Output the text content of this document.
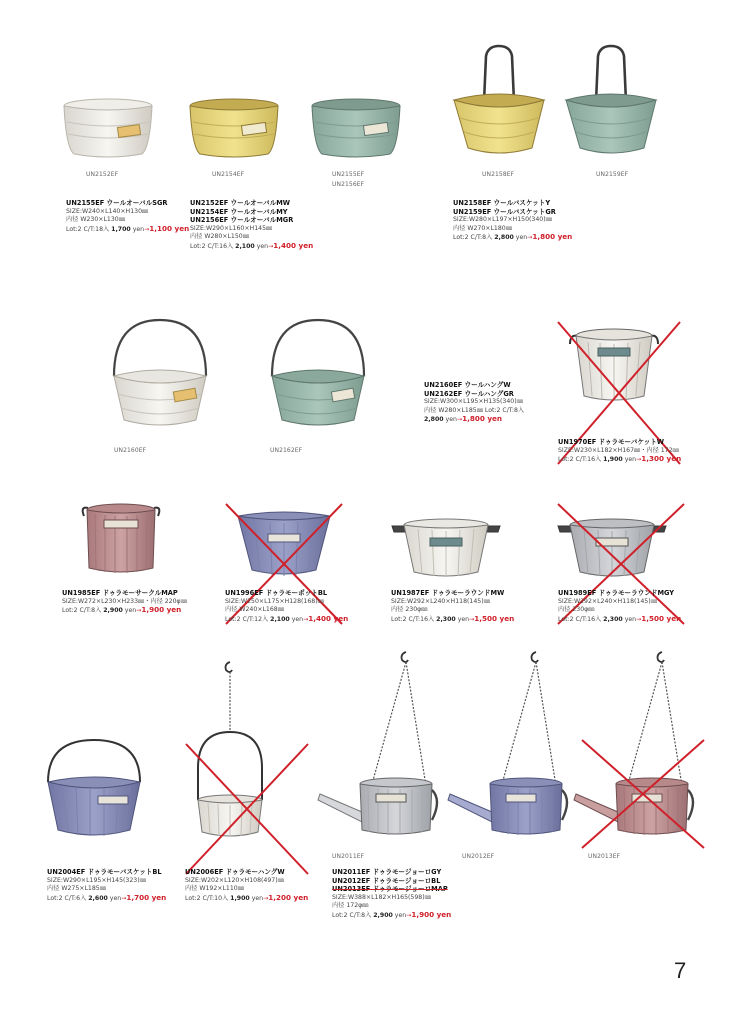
UN2152EF	UN2154EF	UN2155EF
UN2156EF
UN2158EF	UN2159EF
UN2155EF ウールオーバルSGR
SIZE:W240×L140×H130㎜
内径 W230×L130㎜
Lot:2 C/T:18入 1,700 yen→1,100 yen
UN2152EF ウールオーバルMW
UN2154EF ウールオーバルMY
UN2156EF ウールオーバルMGR
SIZE:W290×L160×H145㎜
内径 W280×L150㎜
Lot:2 C/T:16入 2,100 yen→1,400 yen
UN2158EF ウールバスケットY
UN2159EF ウールバスケットGR
SIZE:W280×L197×H150(340)㎜
内径 W270×L180㎜
Lot:2 C/T:8入 2,800 yen→1,800 yen
UN2160EF	UN2162EF
UN2160EF ウールハングW
UN2162EF ウールハングGR
SIZE:W300×L195×H135(340)㎜
内径 W280×L185㎜ Lot:2 C/T:8入
2,800 yen→1,800 yen
UN1970EF ドゥラモーバケットW
SIZE:W230×L182×H167㎜・内径 172㎜
Lot:2 C/T:16入 1,900 yen→1,300 yen
UN1985EF ドゥラモーサークルMAP
SIZE:W272×L230×H233㎜・内径 220φ㎜
Lot:2 C/T:8入 2,900 yen→1,900 yen
UN1996EF ドゥラモーポットBL
SIZE:W250×L175×H128(168)㎜
内径 W240×L168㎜
Lot:2 C/T:12入 2,100 yen→1,400 yen
UN1987EF ドゥラモーラウンドMW
SIZE:W292×L240×H118(145)㎜
内径 230φ㎜
Lot:2 C/T:16入 2,300 yen→1,500 yen
UN1989EF ドゥラモーラウンドMGY
SIZE:W292×L240×H118(145)㎜
内径 230φ㎜
Lot:2 C/T:16入 2,300 yen→1,500 yen
UN2011EF	UN2012EF	UN2013EF
UN2004EF ドゥラモーバスケットBL
SIZE:W290×L195×H145(323)㎜
内径 W275×L185㎜
Lot:2 C/T:6入 2,600 yen→1,700 yen
UN2006EF ドゥラモーハングW
SIZE:W202×L120×H108(497)㎜
内径 W192×L110㎜
Lot:2 C/T:10入 1,900 yen→1,200 yen
UN2011EF ドゥラモージョーロGY
UN2012EF ドゥラモージョーロBL
UN2013EF ドゥラモージョーロMAP
SIZE:W388×L182×H165(598)㎜
内径 172φ㎜
Lot:2 C/T:8入 2,900 yen→1,900 yen
7
